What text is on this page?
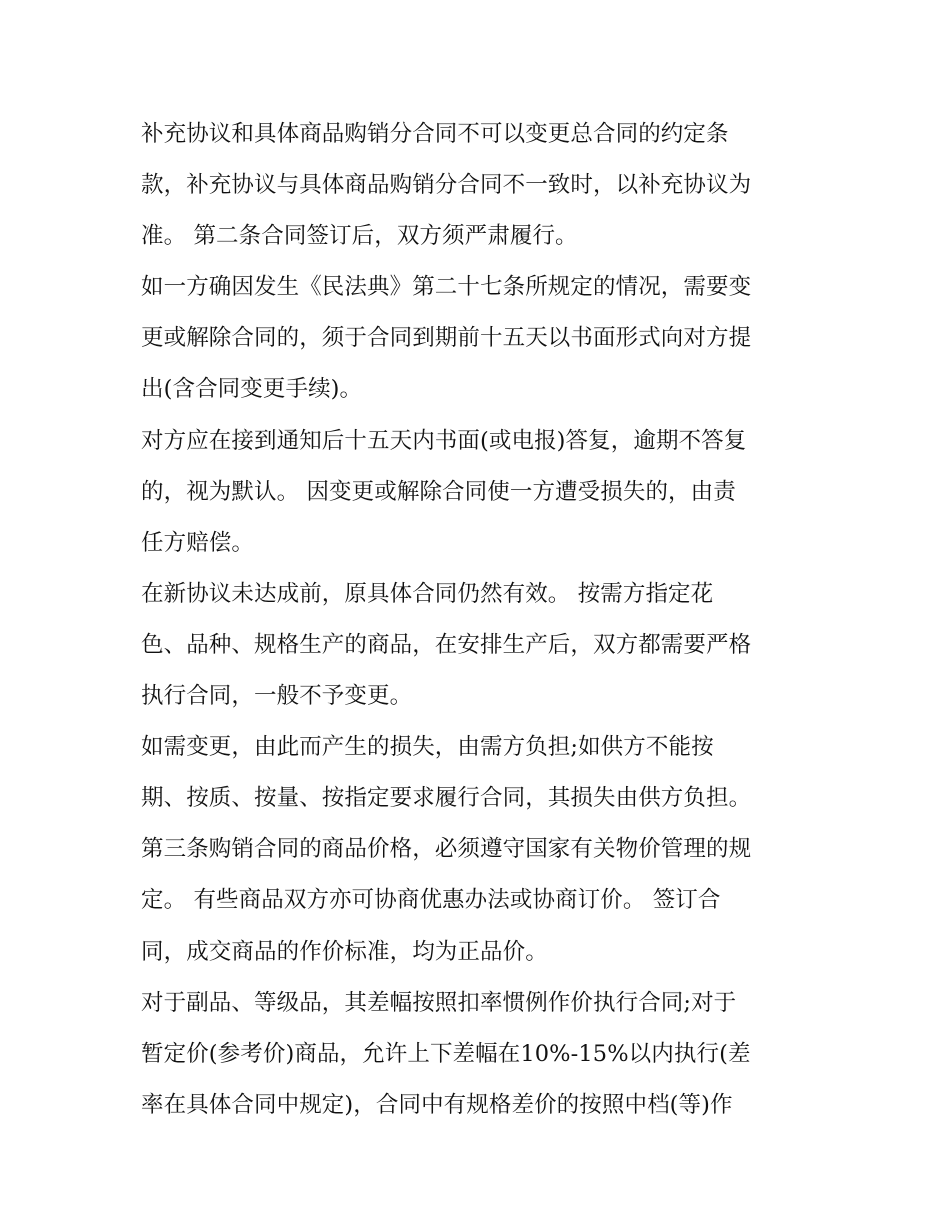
补充协议和具体商品购销分合同不可以变更总合同的约定条
款，补充协议与具体商品购销分合同不一致时，以补充协议为
准。 第二条合同签订后，双方须严肃履行。
如一方确因发生《民法典》第二十七条所规定的情况，需要变
更或解除合同的，须于合同到期前十五天以书面形式向对方提
出(含合同变更手续)。
对方应在接到通知后十五天内书面(或电报)答复，逾期不答复
的，视为默认。 因变更或解除合同使一方遭受损失的，由责
任方赔偿。
在新协议未达成前，原具体合同仍然有效。 按需方指定花
色、品种、规格生产的商品，在安排生产后，双方都需要严格
执行合同，一般不予变更。
如需变更，由此而产生的损失，由需方负担;如供方不能按
期、按质、按量、按指定要求履行合同，其损失由供方负担。
第三条购销合同的商品价格，必须遵守国家有关物价管理的规
定。 有些商品双方亦可协商优惠办法或协商订价。 签订合
同，成交商品的作价标准，均为正品价。
对于副品、等级品，其差幅按照扣率惯例作价执行合同;对于
暂定价(参考价)商品，允许上下差幅在10%-15%以内执行(差
率在具体合同中规定)，合同中有规格差价的按照中档(等)作
